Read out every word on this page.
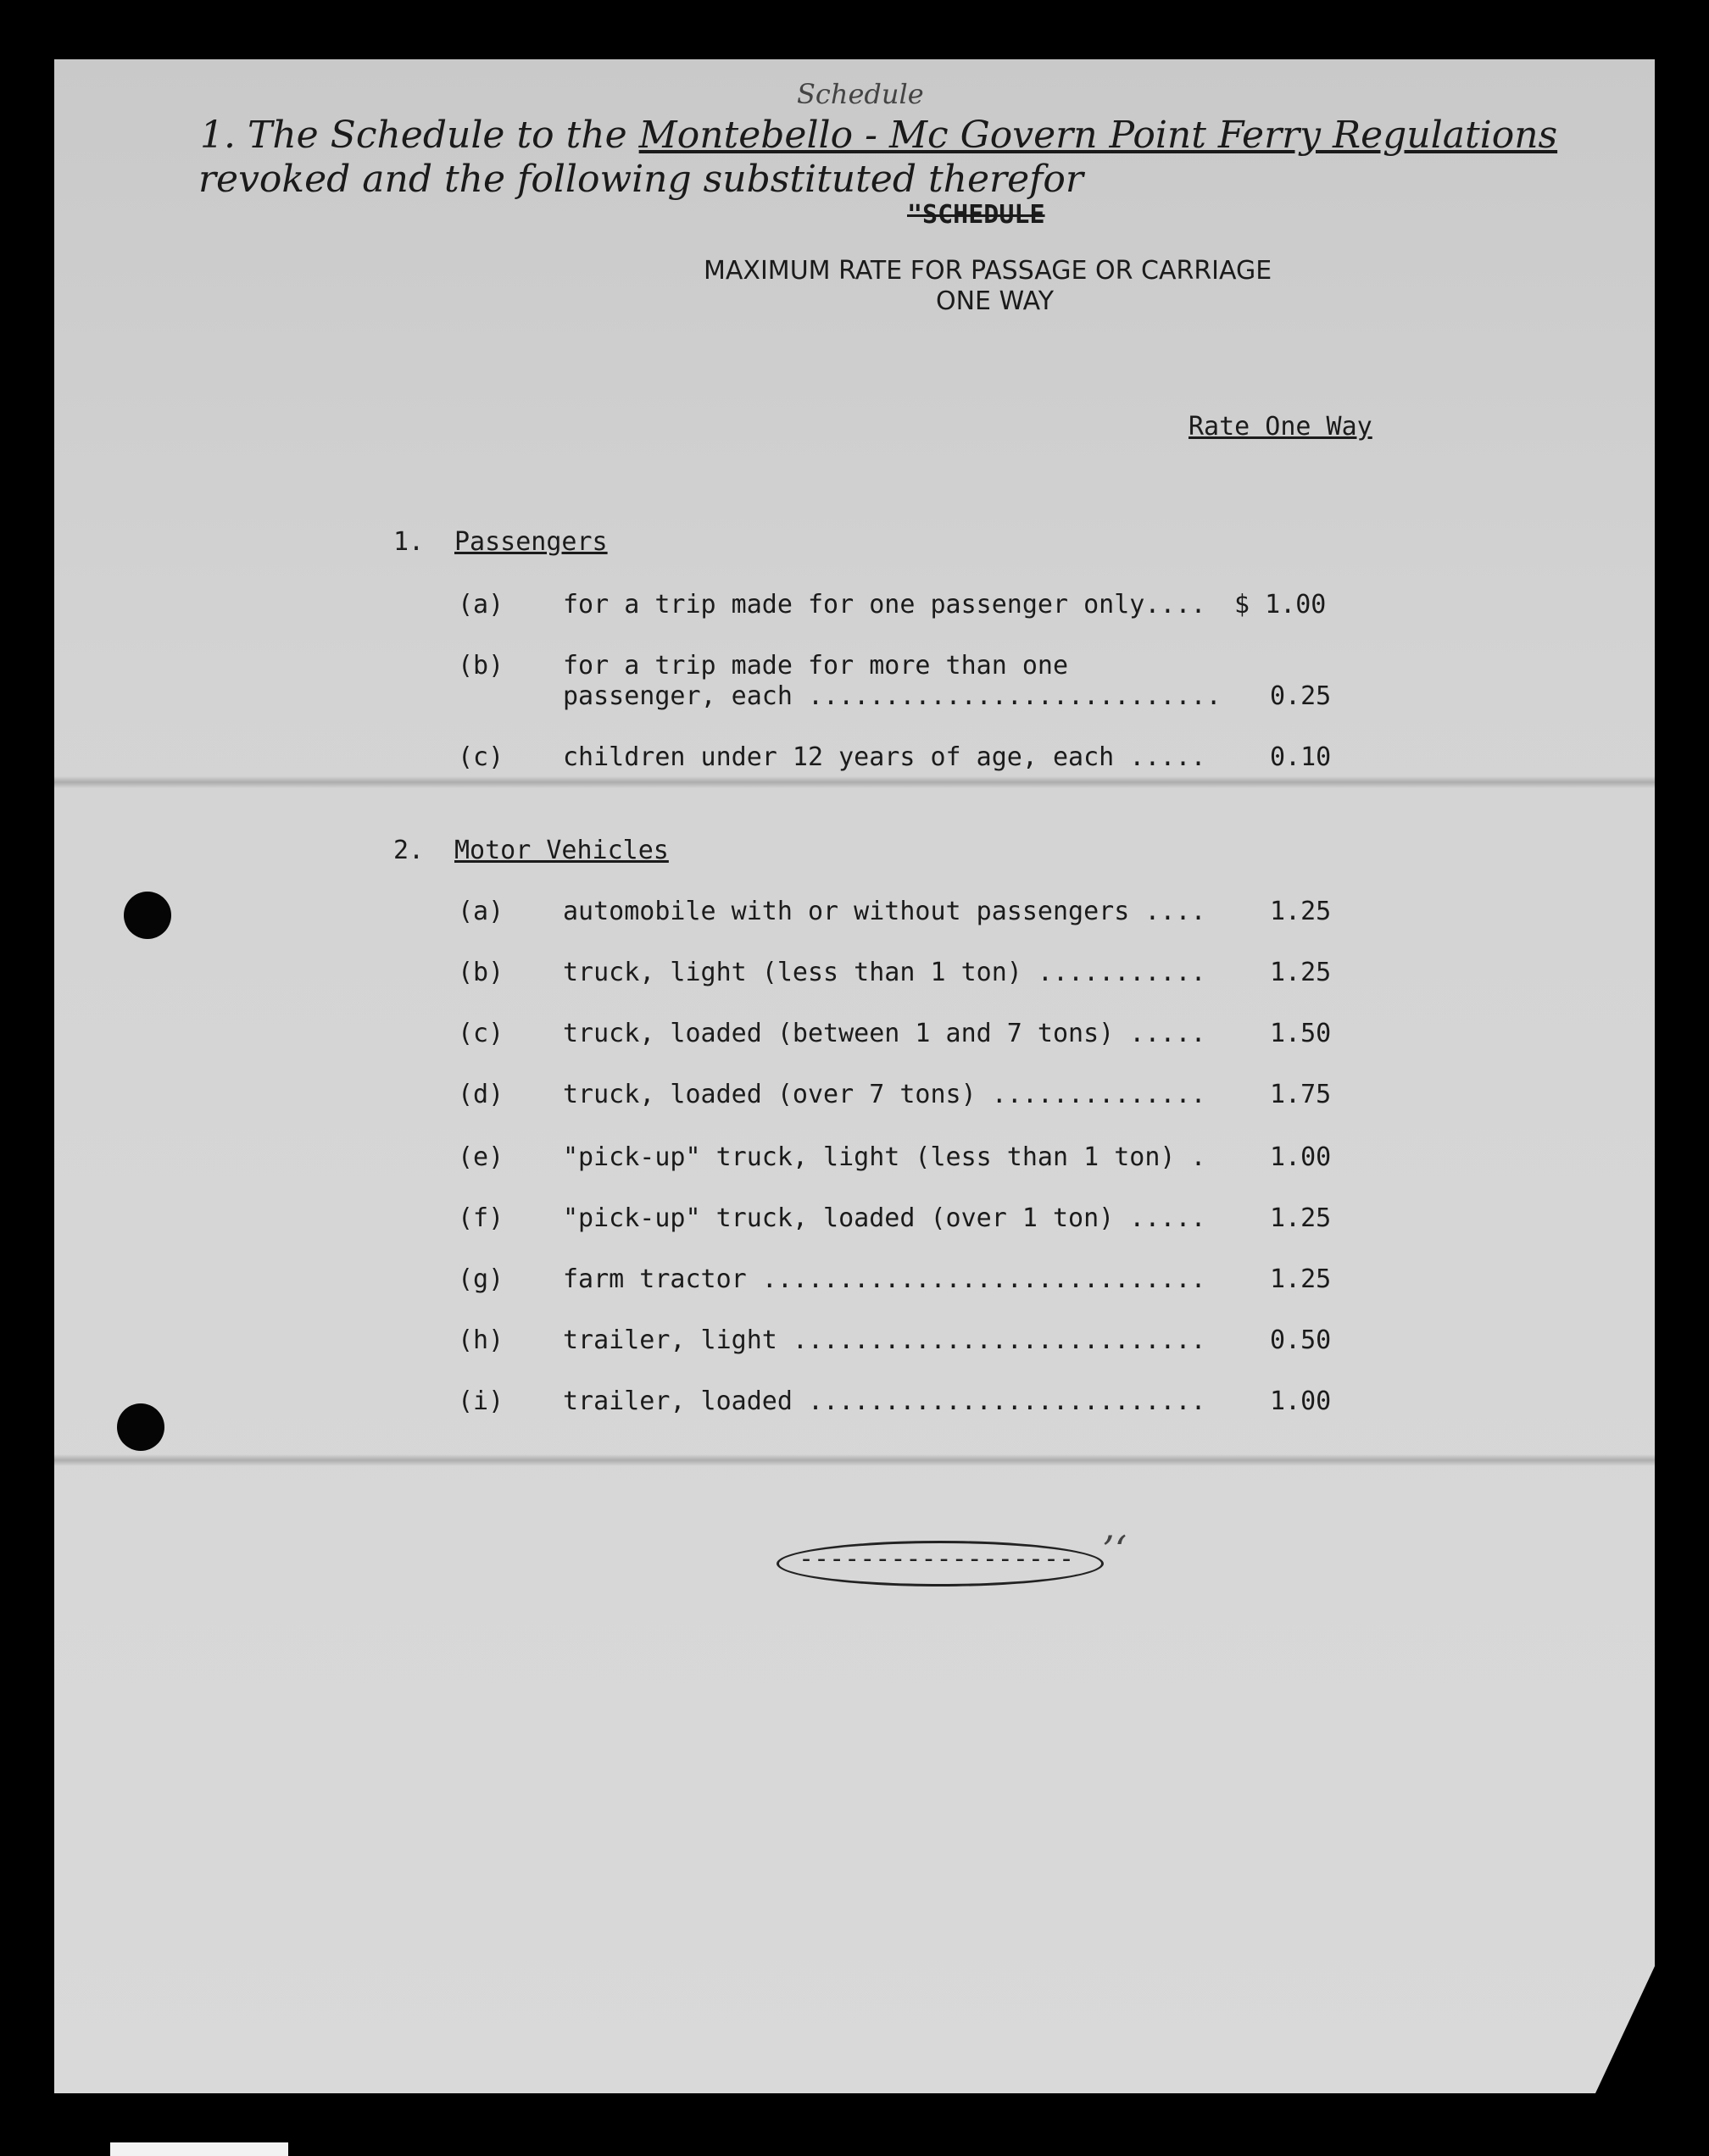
Schedule
1. The Schedule to the Montebello - Mc Govern Point Ferry Regulations
revoked and the following substituted therefor
"SCHEDULE
MAXIMUM RATE FOR PASSAGE OR CARRIAGE
ONE WAY
Rate One Way
1. Passengers
(a) for a trip made for one passenger only.... $ 1.00
(b) for a trip made for more than one
passenger, each ........................... 0.25
(c) children under 12 years of age, each .....	0.10
2. Motor Vehicles
(a) automobile with or without passengers ....	1.25
(b) truck, light (less than 1 ton) ...........	1.25
(c) truck, loaded (between 1 and 7 tons) .....	1.50
(d) truck, loaded (over 7 tons) ..............	1.75
(e) "pick-up" truck, light (less than 1 ton) .	1.00
(f) "pick-up" truck, loaded (over 1 ton) .....	1.25
(g) farm tractor .............................	1.25
(h) trailer, light ...........................	0.50
(i) trailer, loaded ..........................	1.00
------------------ ’‘
